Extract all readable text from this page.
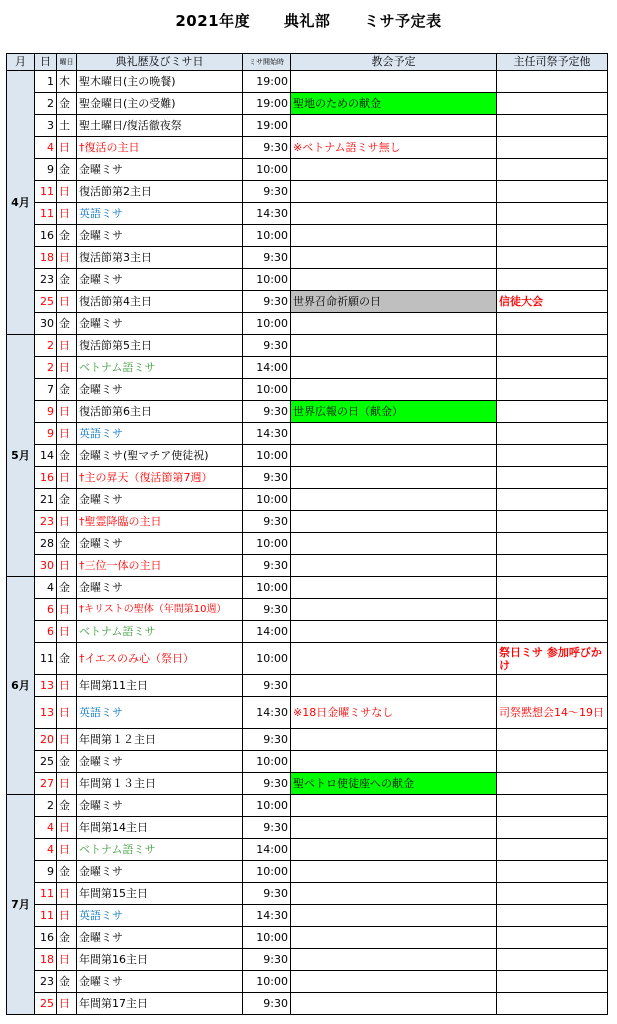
2021年度 典礼部 ミサ予定表
月	日	曜日	典礼歴及びミサ日	ミサ開始時	教会予定	主任司祭予定他
4月	1	木	聖木曜日(主の晩餐)	19:00		
	2	金	聖金曜日(主の受難)	19:00	聖地のための献金	
	3	土	聖土曜日/復活徹夜祭	19:00		
	4	日	†復活の主日	9:30	※ベトナム語ミサ無し	
	9	金	金曜ミサ	10:00		
	11	日	復活節第2主日	9:30		
	11	日	英語ミサ	14:30		
	16	金	金曜ミサ	10:00		
	18	日	復活節第3主日	9:30		
	23	金	金曜ミサ	10:00		
	25	日	復活節第4主日	9:30	世界召命祈願の日	信徒大会
	30	金	金曜ミサ	10:00		
5月	2	日	復活節第5主日	9:30		
	2	日	ベトナム語ミサ	14:00		
	7	金	金曜ミサ	10:00		
	9	日	復活節第6主日	9:30	世界広報の日（献金）	
	9	日	英語ミサ	14:30		
	14	金	金曜ミサ(聖マチア使徒祝)	10:00		
	16	日	†主の昇天（復活節第7週）	9:30		
	21	金	金曜ミサ	10:00		
	23	日	†聖霊降臨の主日	9:30		
	28	金	金曜ミサ	10:00		
	30	日	†三位一体の主日	9:30		
6月	4	金	金曜ミサ	10:00		
	6	日	†キリストの聖体（年間第10週）	9:30		
	6	日	ベトナム語ミサ	14:00		
	11	金	†イエスのみ心（祭日）	10:00		祭日ミサ 参加呼びかけ
	13	日	年間第11主日	9:30		
	13	日	英語ミサ	14:30	※18日金曜ミサなし	司祭黙想会14〜19日
	20	日	年間第１２主日	9:30		
	25	金	金曜ミサ	10:00		
	27	日	年間第１３主日	9:30	聖ペトロ使徒座への献金	
7月	2	金	金曜ミサ	10:00		
	4	日	年間第14主日	9:30		
	4	日	ベトナム語ミサ	14:00		
	9	金	金曜ミサ	10:00		
	11	日	年間第15主日	9:30		
	11	日	英語ミサ	14:30		
	16	金	金曜ミサ	10:00		
	18	日	年間第16主日	9:30		
	23	金	金曜ミサ	10:00		
	25	日	年間第17主日	9:30		
